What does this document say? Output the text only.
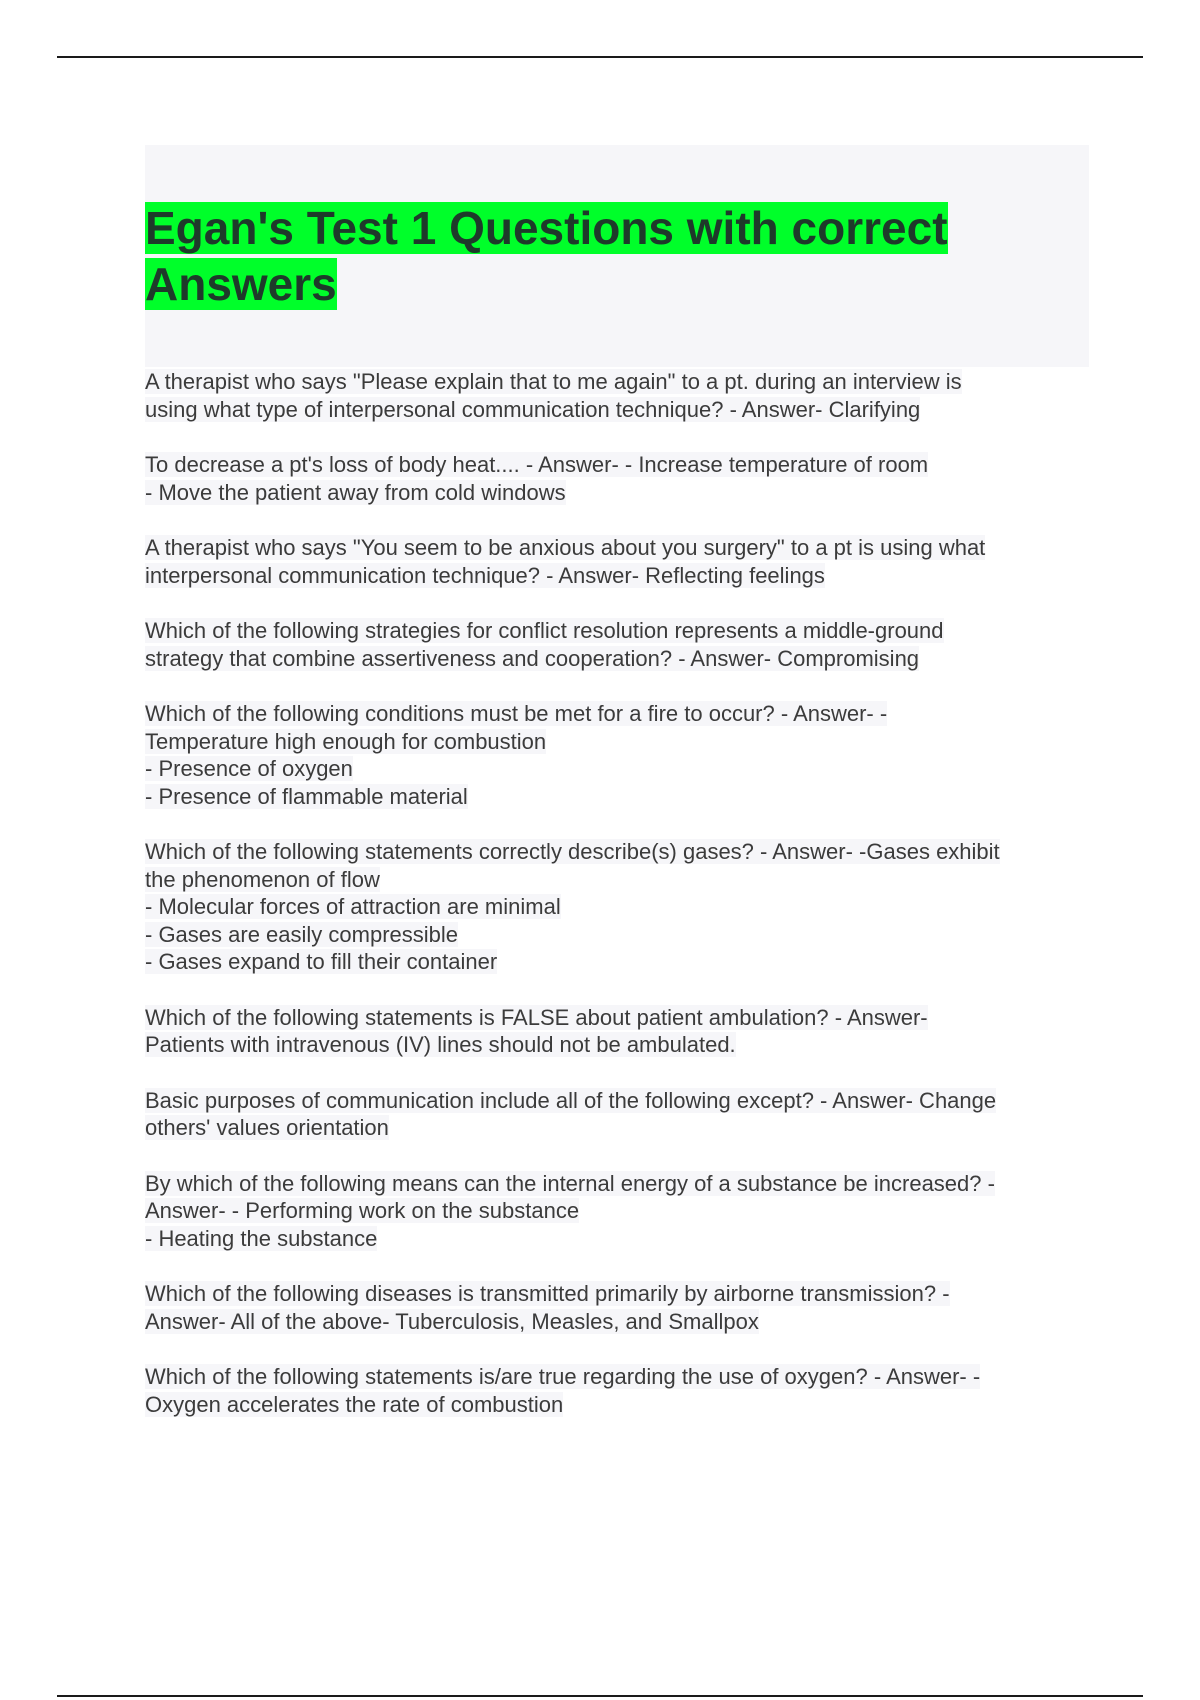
Egan's Test 1 Questions with correct
Answers
A therapist who says "Please explain that to me again" to a pt. during an interview is
using what type of interpersonal communication technique? - Answer- Clarifying
To decrease a pt's loss of body heat.... - Answer- - Increase temperature of room
- Move the patient away from cold windows
A therapist who says "You seem to be anxious about you surgery" to a pt is using what
interpersonal communication technique? - Answer- Reflecting feelings
Which of the following strategies for conflict resolution represents a middle-ground
strategy that combine assertiveness and cooperation? - Answer- Compromising
Which of the following conditions must be met for a fire to occur? - Answer- -
Temperature high enough for combustion
- Presence of oxygen
- Presence of flammable material
Which of the following statements correctly describe(s) gases? - Answer- -Gases exhibit
the phenomenon of flow
- Molecular forces of attraction are minimal
- Gases are easily compressible
- Gases expand to fill their container
Which of the following statements is FALSE about patient ambulation? - Answer-
Patients with intravenous (IV) lines should not be ambulated.
Basic purposes of communication include all of the following except? - Answer- Change
others' values orientation
By which of the following means can the internal energy of a substance be increased? -
Answer- - Performing work on the substance
- Heating the substance
Which of the following diseases is transmitted primarily by airborne transmission? -
Answer- All of the above- Tuberculosis, Measles, and Smallpox
Which of the following statements is/are true regarding the use of oxygen? - Answer- -
Oxygen accelerates the rate of combustion
